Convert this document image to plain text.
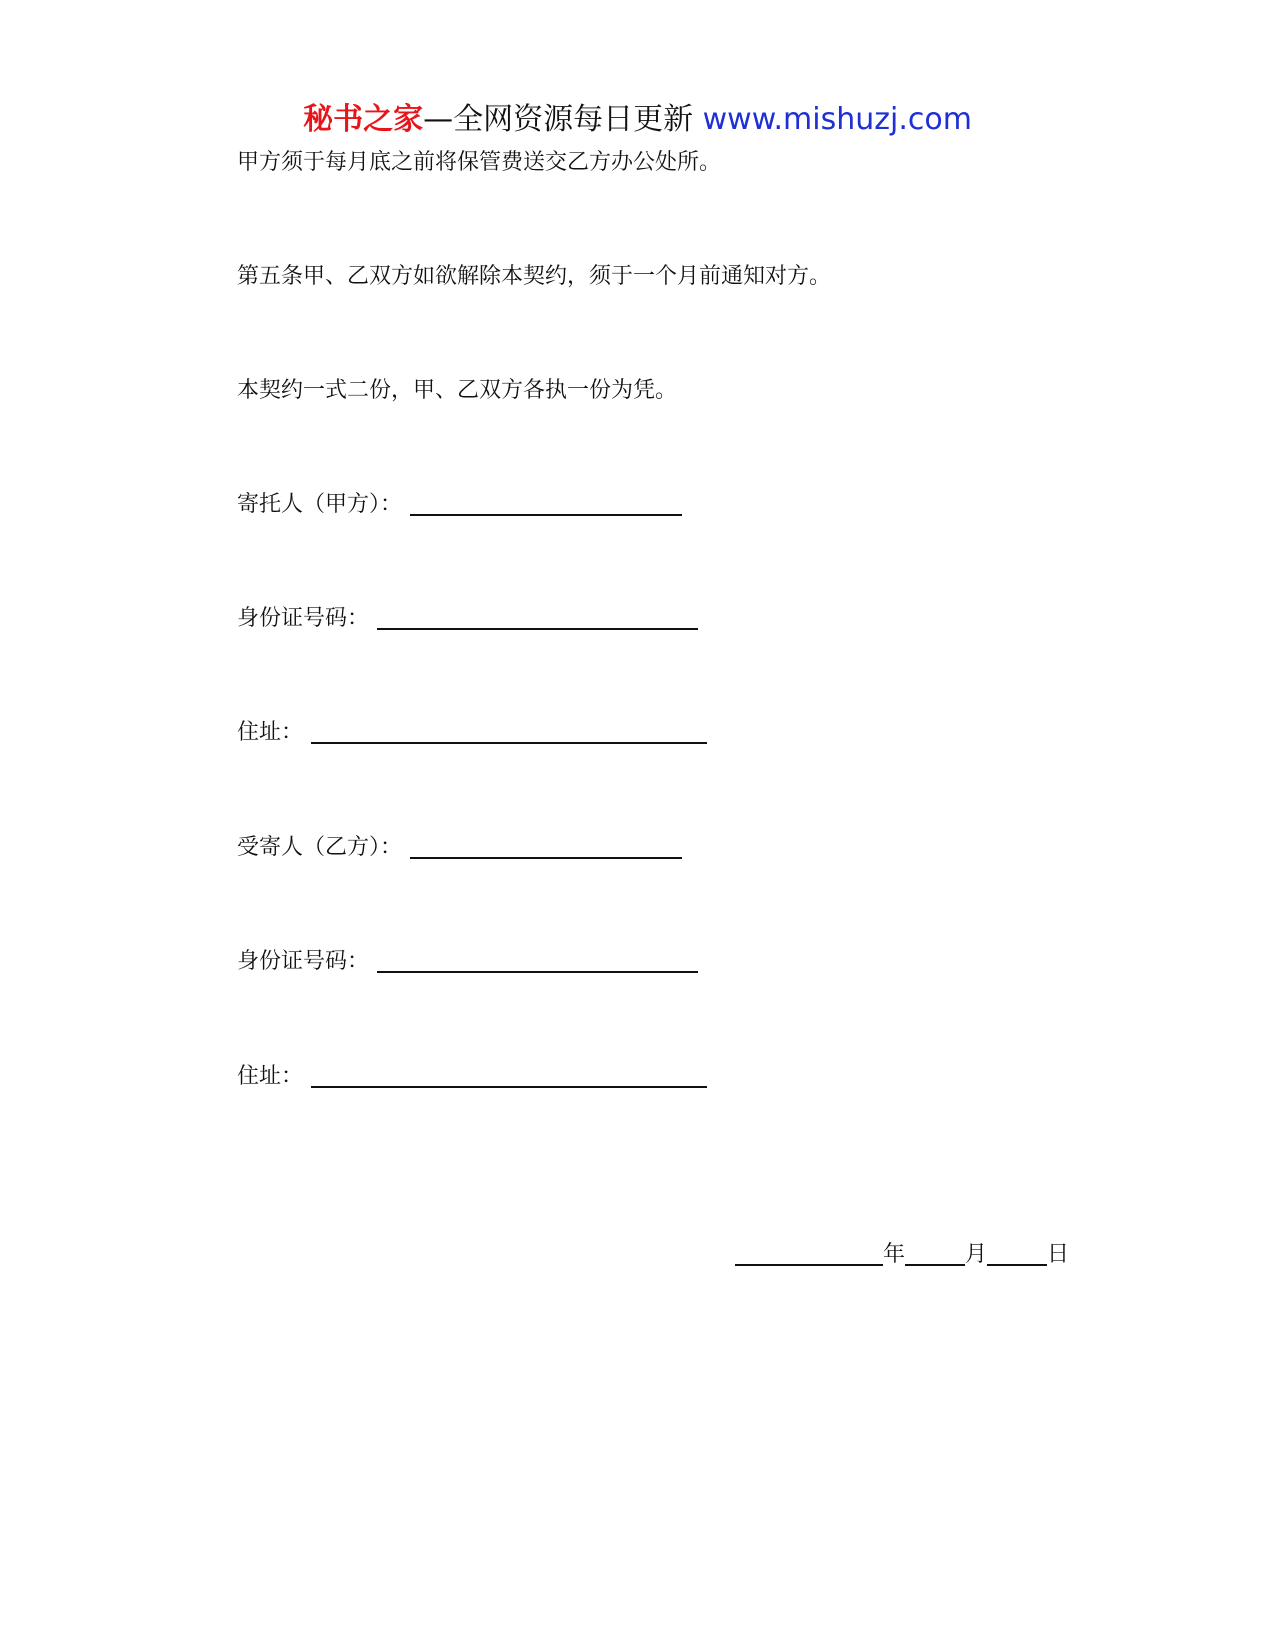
秘书之家—全网资源每日更新 www.mishuzj.com
甲方须于每月底之前将保管费送交乙方办公处所。
第五条甲、乙双方如欲解除本契约，须于一个月前通知对方。
本契约一式二份，甲、乙双方各执一份为凭。
寄托人（甲方）：
身份证号码：
住址：
受寄人（乙方）：
身份证号码：
住址：
年	月	日
